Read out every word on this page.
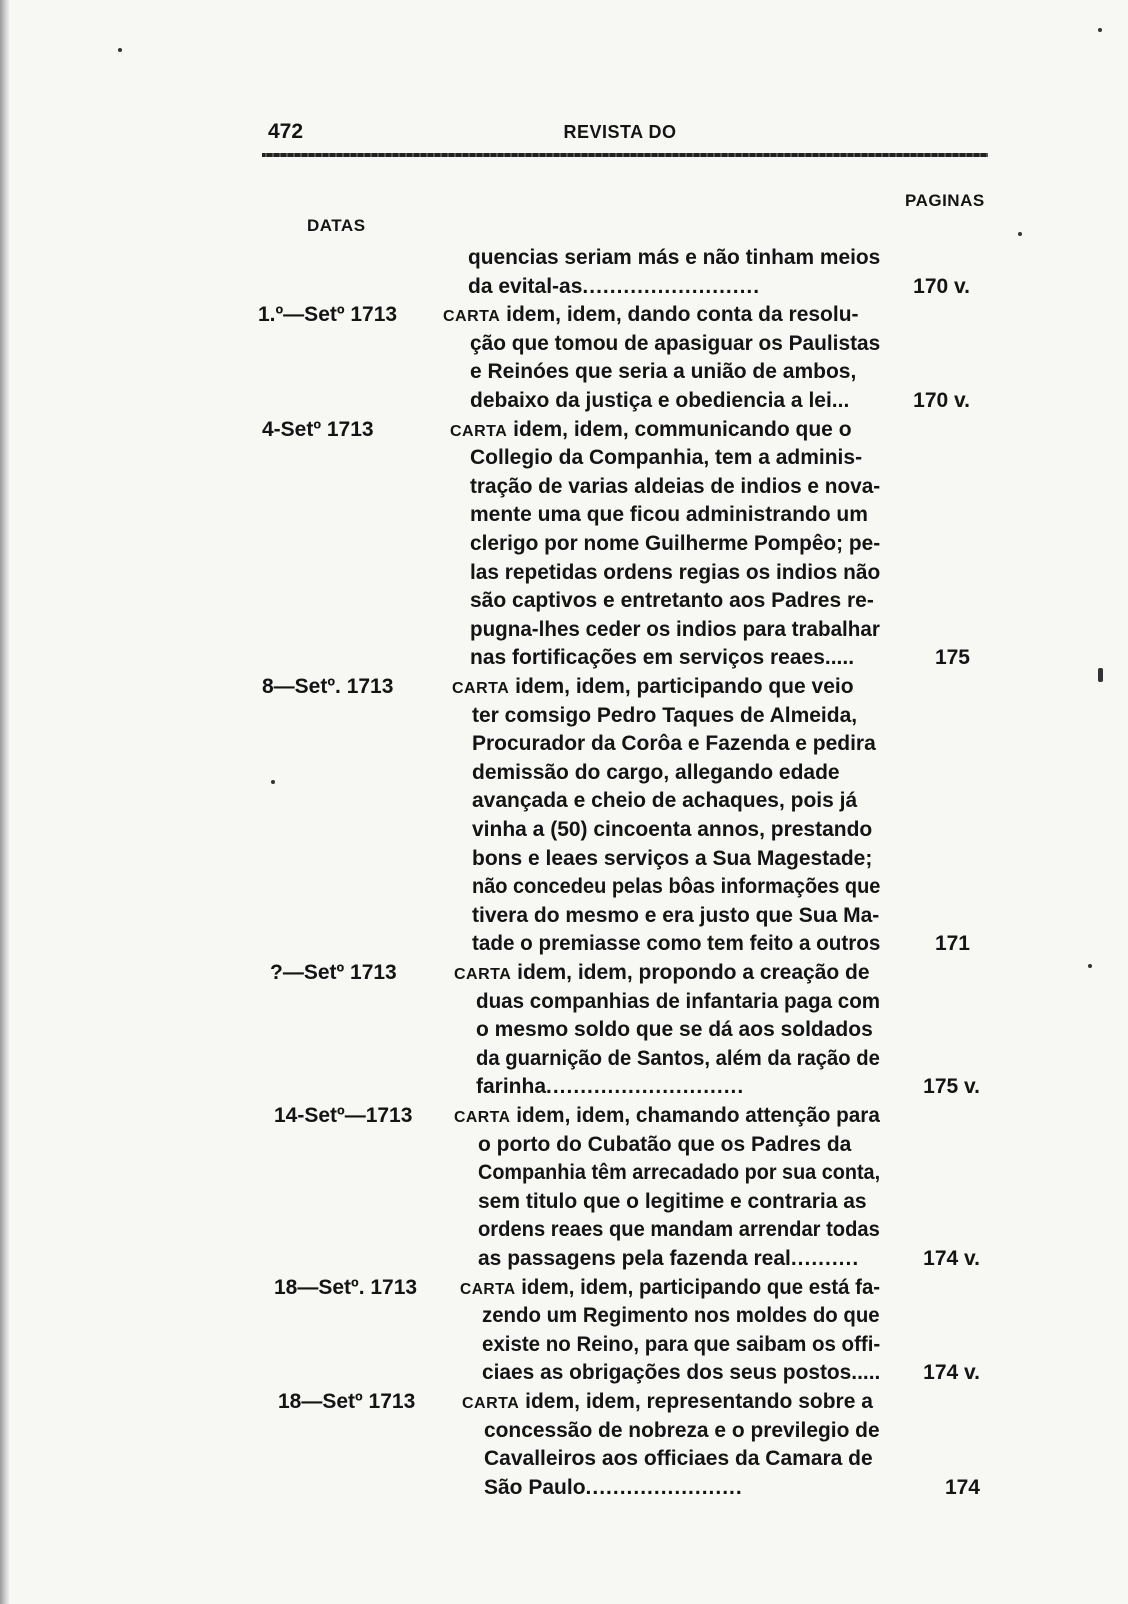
472	REVISTA DO
DATAS
PAGINAS
quencias seriam más e não tinham meios
da evital-as..........................	170 v.
1.º—Setº 1713	CARTA idem, idem, dando conta da resolu-
ção que tomou de apasiguar os Paulistas
e Reinóes que seria a união de ambos,
debaixo da justiça e obediencia a lei...	170 v.
4-Setº 1713	CARTA idem, idem, communicando que o
Collegio da Companhia, tem a adminis-
tração de varias aldeias de indios e nova-
mente uma que ficou administrando um
clerigo por nome Guilherme Pompêo; pe-
las repetidas ordens regias os indios não
são captivos e entretanto aos Padres re-
pugna-lhes ceder os indios para trabalhar
nas fortificações em serviços reaes.....	175
8—Setº. 1713	CARTA idem, idem, participando que veio
ter comsigo Pedro Taques de Almeida,
Procurador da Corôa e Fazenda e pedira
demissão do cargo, allegando edade
avançada e cheio de achaques, pois já
vinha a (50) cincoenta annos, prestando
bons e leaes serviços a Sua Magestade;
não concedeu pelas bôas informações que
tivera do mesmo e era justo que Sua Ma-
tade o premiasse como tem feito a outros	171
?—Setº 1713	CARTA idem, idem, propondo a creação de
duas companhias de infantaria paga com
o mesmo soldo que se dá aos soldados
da guarnição de Santos, além da ração de
farinha.............................	175 v.
14-Setº—1713	CARTA idem, idem, chamando attenção para
o porto do Cubatão que os Padres da
Companhia têm arrecadado por sua conta,
sem titulo que o legitime e contraria as
ordens reaes que mandam arrendar todas
as passagens pela fazenda real..........	174 v.
18—Setº. 1713	CARTA idem, idem, participando que está fa-
zendo um Regimento nos moldes do que
existe no Reino, para que saibam os offi-
ciaes as obrigações dos seus postos.....	174 v.
18—Setº 1713	CARTA idem, idem, representando sobre a
concessão de nobreza e o previlegio de
Cavalleiros aos officiaes da Camara de
São Paulo.......................	174
